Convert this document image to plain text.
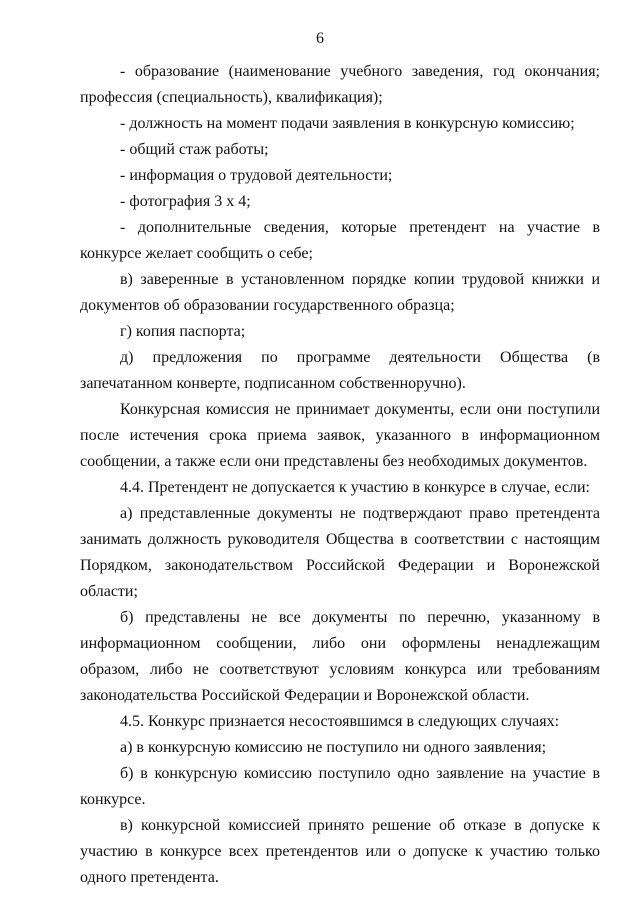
6

- образование (наименование учебного заведения, год окончания; профессия (специальность), квалификация);

- должность на момент подачи заявления в конкурсную комиссию;

- общий стаж работы;

- информация о трудовой деятельности;

- фотография 3 х 4;

- дополнительные сведения, которые претендент на участие в конкурсе желает сообщить о себе;

в) заверенные в установленном порядке копии трудовой книжки и документов об образовании государственного образца;

г) копия паспорта;

д) предложения по программе деятельности Общества (в запечатанном конверте, подписанном собственноручно).

Конкурсная комиссия не принимает документы, если они поступили после истечения срока приема заявок, указанного в информационном сообщении, а также если они представлены без необходимых документов.

4.4. Претендент не допускается к участию в конкурсе в случае, если:

а) представленные документы не подтверждают право претендента занимать должность руководителя Общества в соответствии с настоящим Порядком, законодательством Российской Федерации и Воронежской области;

б) представлены не все документы по перечню, указанному в информационном сообщении, либо они оформлены ненадлежащим образом, либо не соответствуют условиям конкурса или требованиям законодательства Российской Федерации и Воронежской области.

4.5. Конкурс признается несостоявшимся в следующих случаях:

а) в конкурсную комиссию не поступило ни одного заявления;

б) в конкурсную комиссию поступило одно заявление на участие в конкурсе.

в) конкурсной комиссией принято решение об отказе в допуске к участию в конкурсе всех претендентов или о допуске к участию только одного претендента.
